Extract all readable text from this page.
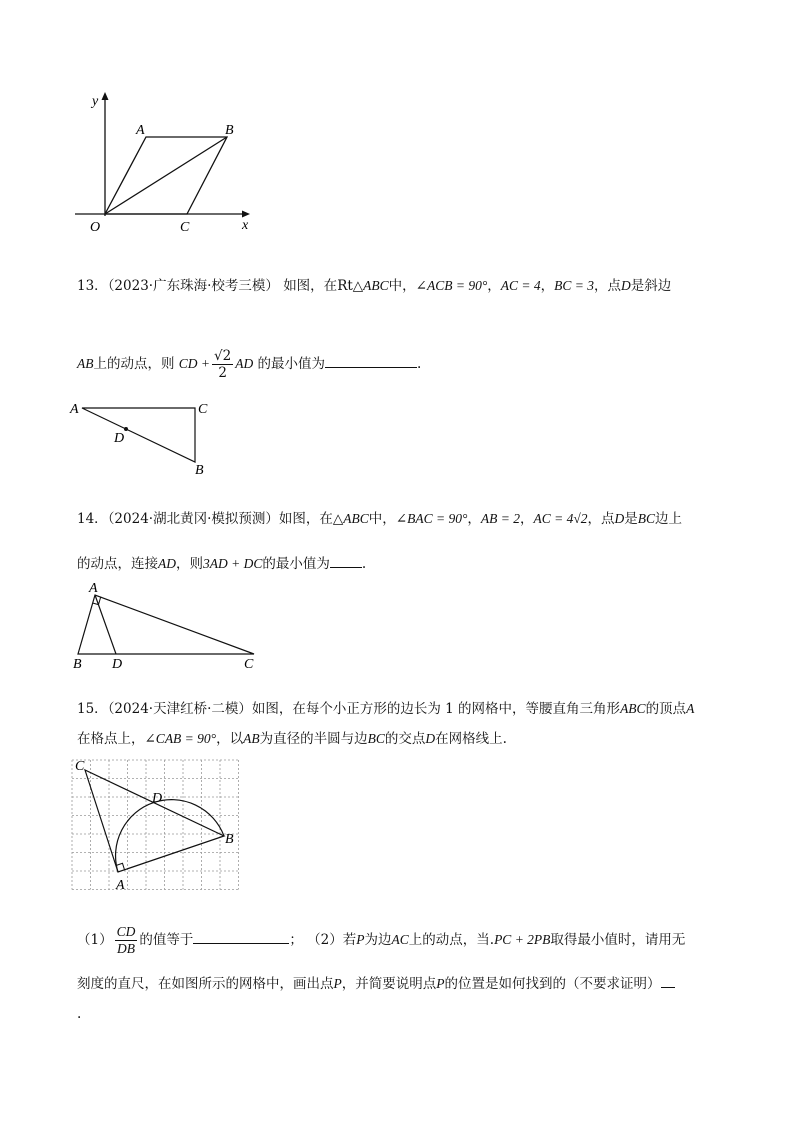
y
x
O
A	B
C
13．（2023·广东珠海·校考三模） 如图，在Rt△ABC中，∠ACB = 90°，AC = 4，BC = 3，点D是斜边
AB上的动点，则 CD + $\frac{√2}{2}$ AD 的最小值为	.
A	C
D
B
14．（2024·湖北黄冈·模拟预测）如图，在△ABC中，∠BAC = 90°，AB = 2，AC = 4√2，点D是BC边上
的动点，连接AD，则3AD + DC的最小值为 .
A
B D	C
15．（2024·天津红桥·二模）如图，在每个小正方形的边长为 1 的网格中，等腰直角三角形ABC的顶点A
在格点上，∠CAB = 90°，以AB为直径的半圆与边BC的交点D在网格线上.
C
D
B
A
$(1) \frac{CD}{DB}$ 的值等于	； （2）若P为边AC上的动点，当.PC + 2PB取得最小值时，请用无
刻度的直尺，在如图所示的网格中，画出点P，并简要说明点P的位置是如何找到的（不要求证明）
.
